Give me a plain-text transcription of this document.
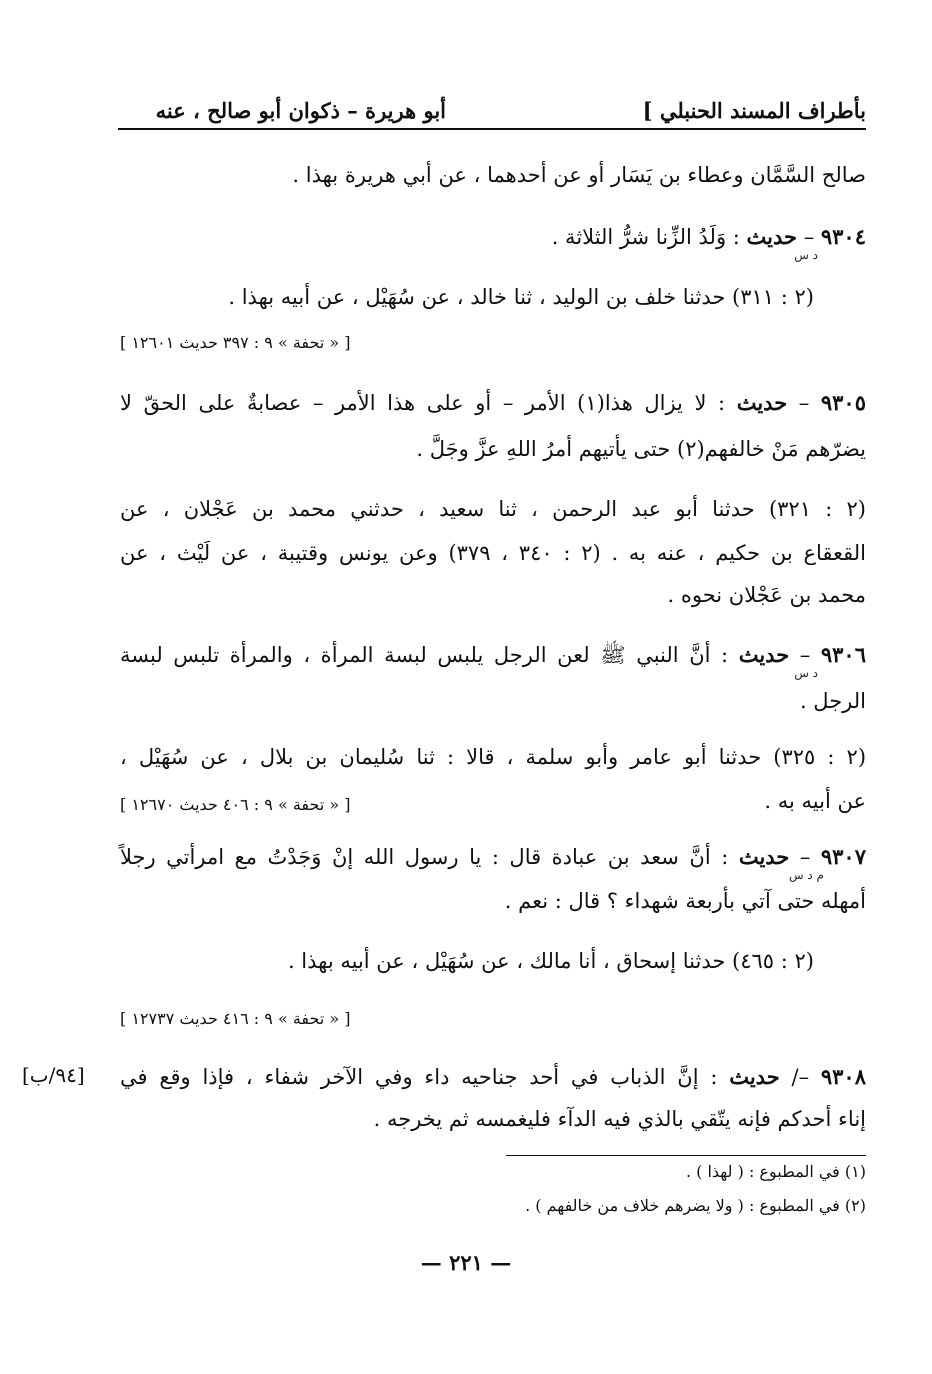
بأطراف المسند الحنبلي ]
أبو هريرة – ذكوان أبو صالح ، عنه
صالح السَّمَّان وعطاء بن يَسَار أو عن أحدهما ، عن أبي هريرة بهذا .
٩٣٠٤ – حديث : وَلَدُ الزِّنا شرُّ الثلاثة .
د س
(٢ : ٣١١) حدثنا خلف بن الوليد ، ثنا خالد ، عن سُهَيْل ، عن أبيه بهذا .
[ « تحفة » ٩ : ٣٩٧ حديث ١٢٦٠١ ]
٩٣٠٥ – حديث : لا يزال هذا(١) الأمر – أو على هذا الأمر – عصابةٌ على الحقّ لا
يضرّهم مَنْ خالفهم(٢) حتى يأتيهم أمرُ اللهِ عزَّ وجَلَّ .
(٢ : ٣٢١) حدثنا أبو عبد الرحمن ، ثنا سعيد ، حدثني محمد بن عَجْلان ، عن
القعقاع بن حكيم ، عنه به . (٢ : ٣٤٠ ، ٣٧٩) وعن يونس وقتيبة ، عن لَيْث ، عن
محمد بن عَجْلان نحوه .
٩٣٠٦ – حديث : أنَّ النبي ﷺ لعن الرجل يلبس لبسة المرأة ، والمرأة تلبس لبسة
د س
الرجل .
(٢ : ٣٢٥) حدثنا أبو عامر وأبو سلمة ، قالا : ثنا سُليمان بن بلال ، عن سُهَيْل ،
عن أبيه به .
[ « تحفة » ٩ : ٤٠٦ حديث ١٢٦٧٠ ]
٩٣٠٧ – حديث : أنَّ سعد بن عبادة قال : يا رسول الله إنْ وَجَدْتُ مع امرأتي رجلاً
م د س
أمهله حتى آتي بأربعة شهداء ؟ قال : نعم .
(٢ : ٤٦٥) حدثنا إسحاق ، أنا مالك ، عن سُهَيْل ، عن أبيه بهذا .
[ « تحفة » ٩ : ٤١٦ حديث ١٢٧٣٧ ]
٩٣٠٨ –/ حديث : إنَّ الذباب في أحد جناحيه داء وفي الآخر شفاء ، فإذا وقع في
إناء أحدكم فإنه يتّقي بالذي فيه الدآء فليغمسه ثم يخرجه .
[٩٤/ب]
(١) في المطبوع : ( لهذا ) .
(٢) في المطبوع : ( ولا يضرهم خلاف من خالفهم ) .
— ٢٢١ —
